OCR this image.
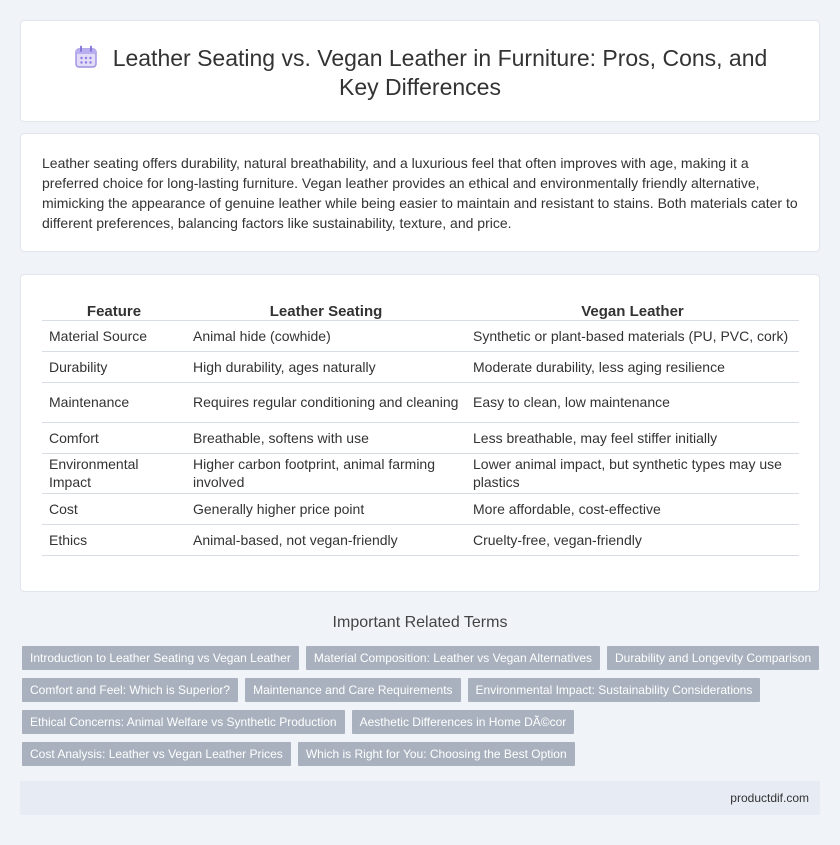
Leather Seating vs. Vegan Leather in Furniture: Pros, Cons, and Key Differences

Leather seating offers durability, natural breathability, and a luxurious feel that often improves with age, making it a preferred choice for long-lasting furniture. Vegan leather provides an ethical and environmentally friendly alternative, mimicking the appearance of genuine leather while being easier to maintain and resistant to stains. Both materials cater to different preferences, balancing factors like sustainability, texture, and price.

Feature	Leather Seating	Vegan Leather
Material Source	Animal hide (cowhide)	Synthetic or plant-based materials (PU, PVC, cork)
Durability	High durability, ages naturally	Moderate durability, less aging resilience
Maintenance	Requires regular conditioning and cleaning	Easy to clean, low maintenance
Comfort	Breathable, softens with use	Less breathable, may feel stiffer initially
Environmental Impact	Higher carbon footprint, animal farming involved	Lower animal impact, but synthetic types may use plastics
Cost	Generally higher price point	More affordable, cost-effective
Ethics	Animal-based, not vegan-friendly	Cruelty-free, vegan-friendly
Important Related Terms
Introduction to Leather Seating vs Vegan Leather	Material Composition: Leather vs Vegan Alternatives	Durability and Longevity Comparison
Comfort and Feel: Which is Superior?	Maintenance and Care Requirements	Environmental Impact: Sustainability Considerations
Ethical Concerns: Animal Welfare vs Synthetic Production	Aesthetic Differences in Home DÃ©cor
Cost Analysis: Leather vs Vegan Leather Prices	Which is Right for You: Choosing the Best Option
productdif.com
